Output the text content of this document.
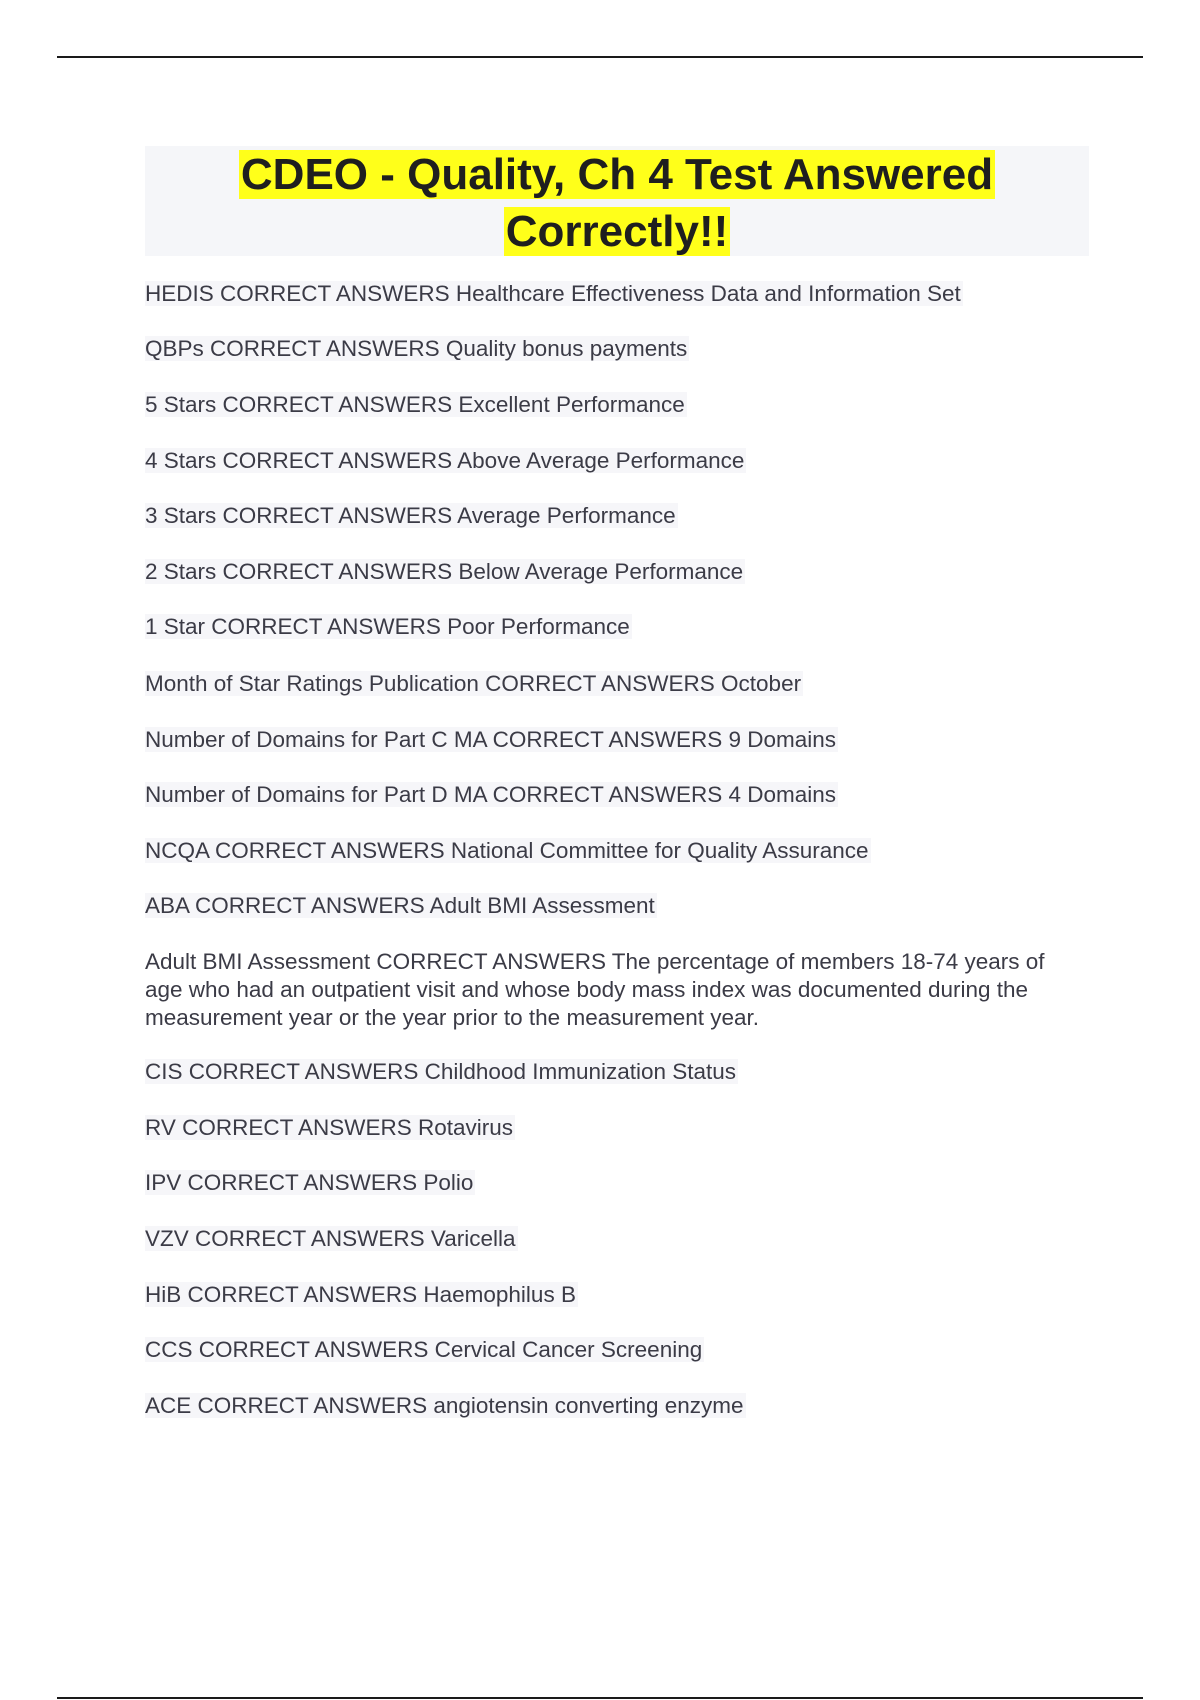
CDEO - Quality, Ch 4 Test Answered
Correctly!!
HEDIS CORRECT ANSWERS Healthcare Effectiveness Data and Information Set
QBPs CORRECT ANSWERS Quality bonus payments
5 Stars CORRECT ANSWERS Excellent Performance
4 Stars CORRECT ANSWERS Above Average Performance
3 Stars CORRECT ANSWERS Average Performance
2 Stars CORRECT ANSWERS Below Average Performance
1 Star CORRECT ANSWERS Poor Performance
Month of Star Ratings Publication CORRECT ANSWERS October
Number of Domains for Part C MA CORRECT ANSWERS 9 Domains
Number of Domains for Part D MA CORRECT ANSWERS 4 Domains
NCQA CORRECT ANSWERS National Committee for Quality Assurance
ABA CORRECT ANSWERS Adult BMI Assessment
Adult BMI Assessment CORRECT ANSWERS The percentage of members 18-74 years of age who had an outpatient visit and whose body mass index was documented during the measurement year or the year prior to the measurement year.
CIS CORRECT ANSWERS Childhood Immunization Status
RV CORRECT ANSWERS Rotavirus
IPV CORRECT ANSWERS Polio
VZV CORRECT ANSWERS Varicella
HiB CORRECT ANSWERS Haemophilus B
CCS CORRECT ANSWERS Cervical Cancer Screening
ACE CORRECT ANSWERS angiotensin converting enzyme
